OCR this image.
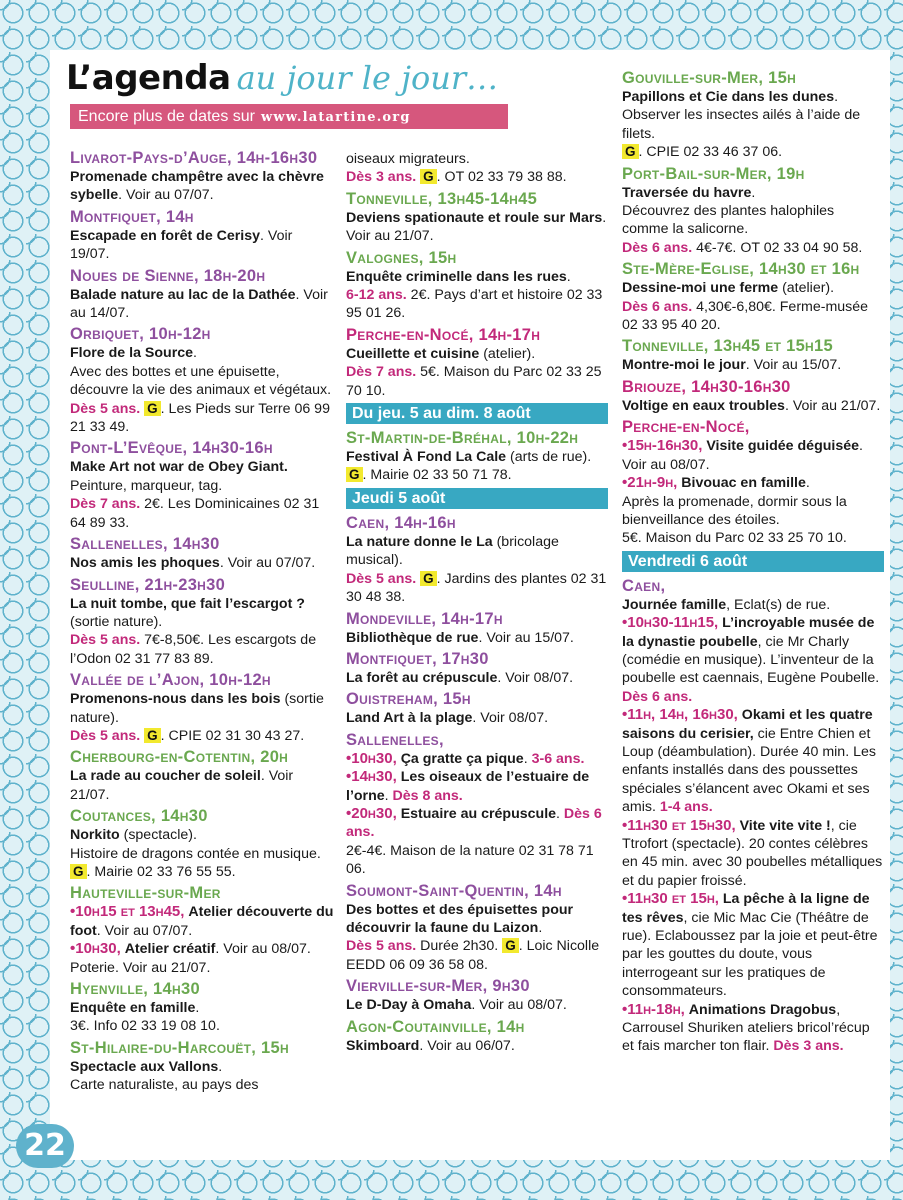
L’agenda au jour le jour…
Encore plus de dates sur www.latartine.org
Livarot-Pays-d’Auge, 14h-16h30
Promenade champêtre avec la chèvre sybelle. Voir au 07/07.
Montfiquet, 14h
Escapade en forêt de Cerisy. Voir 19/07.
Noues de Sienne, 18h-20h
Balade nature au lac de la Dathée. Voir au 14/07.
Orbiquet, 10h-12h
Flore de la Source.
Avec des bottes et une épuisette, découvre la vie des animaux et végétaux. Dès 5 ans. G . Les Pieds sur Terre 06 99 21 33 49.
Pont-L’Evêque, 14h30-16h
Make Art not war de Obey Giant.
Peinture, marqueur, tag.
Dès 7 ans. 2€. Les Dominicaines 02 31 64 89 33.
Sallenelles, 14h30
Nos amis les phoques. Voir au 07/07.
Seulline, 21h-23h30
La nuit tombe, que fait l’escargot ? (sortie nature).
Dès 5 ans. 7€-8,50€. Les escargots de l’Odon 02 31 77 83 89.
Vallée de l’Ajon, 10h-12h
Promenons-nous dans les bois (sortie nature).
Dès 5 ans. G . CPIE 02 31 30 43 27.
Cherbourg-en-Cotentin, 20h
La rade au coucher de soleil. Voir 21/07.
Coutances, 14h30
Norkito (spectacle).
Histoire de dragons contée en musique. G . Mairie 02 33 76 55 55.
Hauteville-sur-Mer
•10h15 et 13h45, Atelier découverte du foot. Voir au 07/07.
•10h30, Atelier créatif. Voir au 08/07. Poterie. Voir au 21/07.
Hyenville, 14h30
Enquête en famille.
3€. Info 02 33 19 08 10.
St-Hilaire-du-Harcouët, 15h
Spectacle aux Vallons.
Carte naturaliste, au pays des
oiseaux migrateurs.
Dès 3 ans. G . OT 02 33 79 38 88.
Tonneville, 13h45-14h45
Deviens spationaute et roule sur Mars. Voir au 21/07.
Valognes, 15h
Enquête criminelle dans les rues.
6-12 ans. 2€. Pays d’art et histoire 02 33 95 01 26.
Perche-en-Nocé, 14h-17h
Cueillette et cuisine (atelier).
Dès 7 ans. 5€. Maison du Parc 02 33 25 70 10.
Du jeu. 5 au dim. 8 août
St-Martin-de-Bréhal, 10h-22h
Festival À Fond La Cale (arts de rue). G . Mairie 02 33 50 71 78.
Jeudi 5 août
Caen, 14h-16h
La nature donne le La (bricolage musical).
Dès 5 ans. G . Jardins des plantes 02 31 30 48 38.
Mondeville, 14h-17h
Bibliothèque de rue. Voir au 15/07.
Montfiquet, 17h30
La forêt au crépuscule. Voir 08/07.
Ouistreham, 15h
Land Art à la plage. Voir 08/07.
Sallenelles,
•10h30, Ça gratte ça pique. 3-6 ans.
•14h30, Les oiseaux de l’estuaire de l’orne. Dès 8 ans.
•20h30, Estuaire au crépuscule. Dès 6 ans.
2€-4€. Maison de la nature 02 31 78 71 06.
Soumont-Saint-Quentin, 14h
Des bottes et des épuisettes pour découvrir la faune du Laizon.
Dès 5 ans. Durée 2h30. G . Loic Nicolle EEDD 06 09 36 58 08.
Vierville-sur-Mer, 9h30
Le D-Day à Omaha. Voir au 08/07.
Agon-Coutainville, 14h
Skimboard. Voir au 06/07.
Gouville-sur-Mer, 15h
Papillons et Cie dans les dunes.
Observer les insectes ailés à l’aide de filets.
G . CPIE 02 33 46 37 06.
Port-Bail-sur-Mer, 19h
Traversée du havre.
Découvrez des plantes halophiles comme la salicorne.
Dès 6 ans. 4€-7€. OT 02 33 04 90 58.
Ste-Mère-Eglise, 14h30 et 16h
Dessine-moi une ferme (atelier).
Dès 6 ans. 4,30€-6,80€. Ferme-musée 02 33 95 40 20.
Tonneville, 13h45 et 15h15
Montre-moi le jour. Voir au 15/07.
Briouze, 14h30-16h30
Voltige en eaux troubles. Voir au 21/07.
Perche-en-Nocé,
•15h-16h30, Visite guidée déguisée. Voir au 08/07.
•21h-9h, Bivouac en famille.
Après la promenade, dormir sous la bienveillance des étoiles.
5€. Maison du Parc 02 33 25 70 10.
Vendredi 6 août
Caen,
Journée famille, Eclat(s) de rue.
•10h30-11h15, L’incroyable musée de la dynastie poubelle, cie Mr Charly (comédie en musique). L’inventeur de la poubelle est caennais, Eugène Poubelle. Dès 6 ans.
•11h, 14h, 16h30, Okami et les quatre saisons du cerisier, cie Entre Chien et Loup (déambulation). Durée 40 min. Les enfants installés dans des poussettes spéciales s’élancent avec Okami et ses amis. 1-4 ans.
•11h30 et 15h30, Vite vite vite !, cie Ttrofort (spectacle). 20 contes célèbres en 45 min. avec 30 poubelles métalliques et du papier froissé.
•11h30 et 15h, La pêche à la ligne de tes rêves, cie Mic Mac Cie (Théâtre de rue). Eclaboussez par la joie et peut-être par les gouttes du doute, vous interrogeant sur les pratiques de consommateurs.
•11h-18h, Animations Dragobus, Carrousel Shuriken ateliers bricol’récup et fais marcher ton flair. Dès 3 ans.
22
